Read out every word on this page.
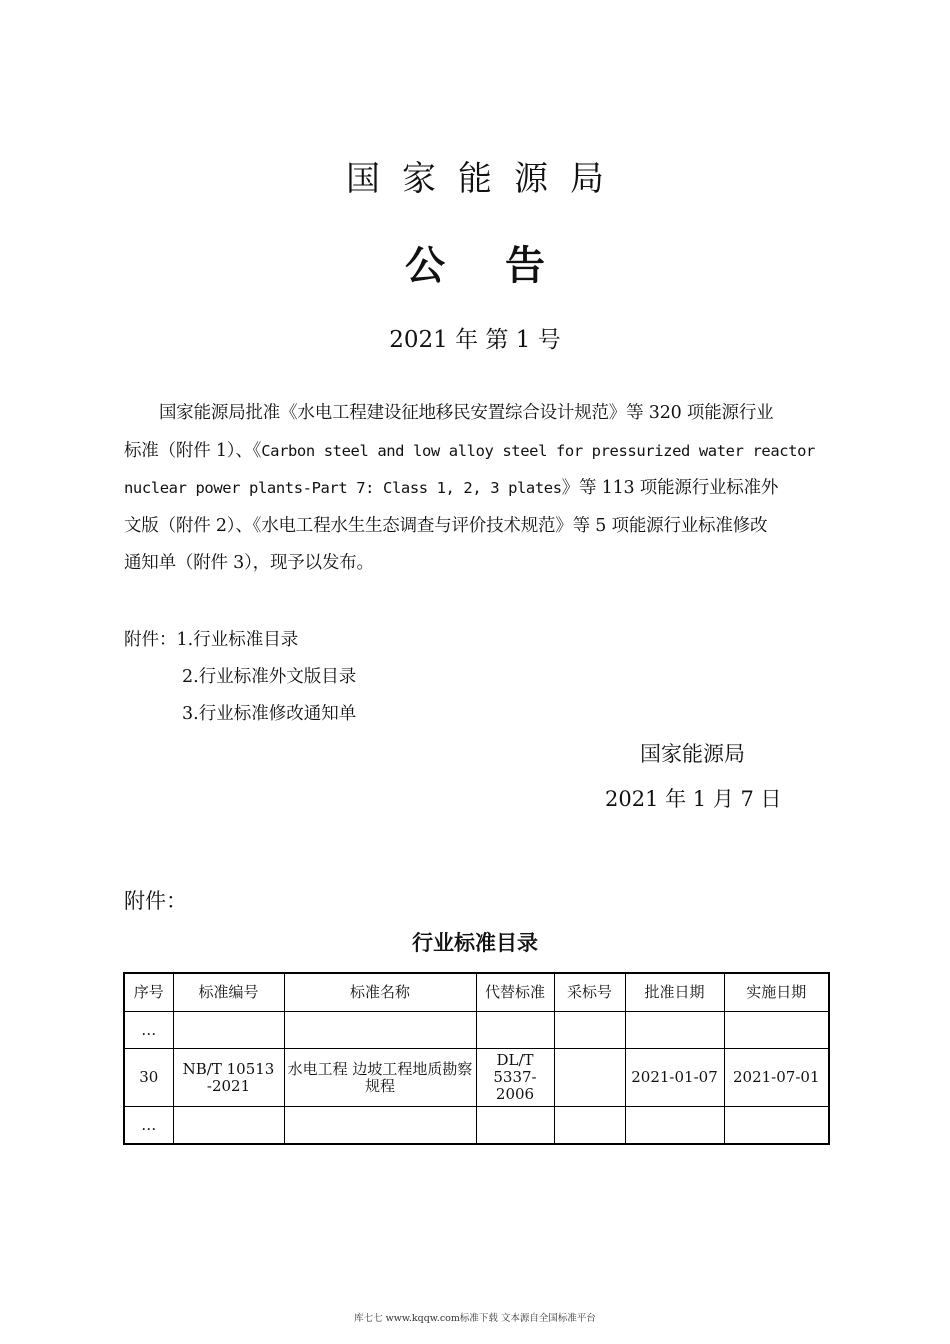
国家能源局
公 告
2021 年 第 1 号
国家能源局批准《水电工程建设征地移民安置综合设计规范》等 320 项能源行业
标准（附件 1）、《Carbon steel and low alloy steel for pressurized water reactor
nuclear power plants-Part 7: Class 1, 2, 3 plates》等 113 项能源行业标准外
文版（附件 2）、《水电工程水生生态调查与评价技术规范》等 5 项能源行业标准修改
通知单（附件 3），现予以发布。
附件：1.行业标准目录
2.行业标准外文版目录
3.行业标准修改通知单
国家能源局
2021 年 1 月 7 日
附件：
行业标准目录
序号	标准编号	标准名称	代替标准	采标号	批准日期	实施日期
…						
30	NB/T 10513 -2021	水电工程 边坡工程地质勘察规程	DL/T 5337-2006		2021-01-07	2021-07-01
…						
库七七 www.kqqw.com标准下载 文本源自全国标准平台
